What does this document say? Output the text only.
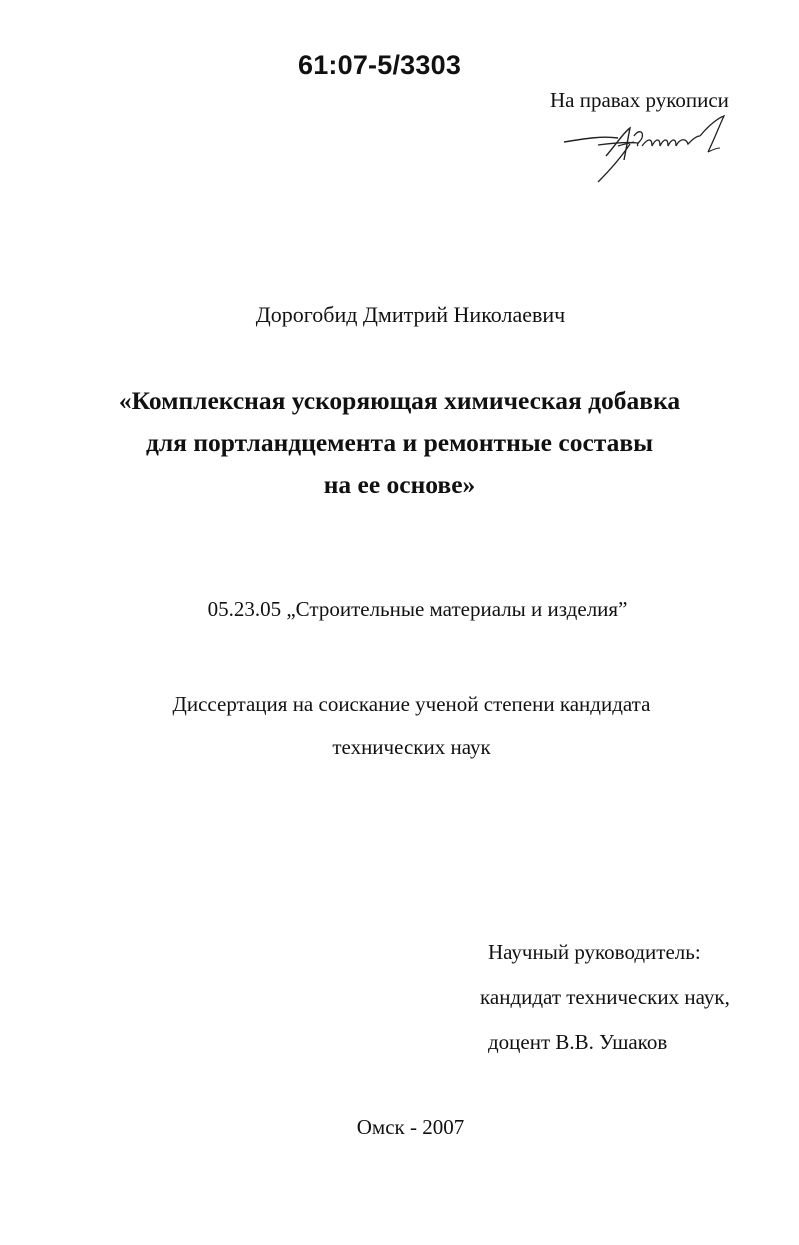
61:07-5/3303
На правах рукописи
Дорогобид Дмитрий Николаевич
«Комплексная ускоряющая химическая добавка
для портландцемента и ремонтные составы
на ее основе»
05.23.05 „Строительные материалы и изделия”
Диссертация на соискание ученой степени кандидата
технических наук
Научный руководитель:
кандидат технических наук,
доцент В.В. Ушаков
Омск - 2007
